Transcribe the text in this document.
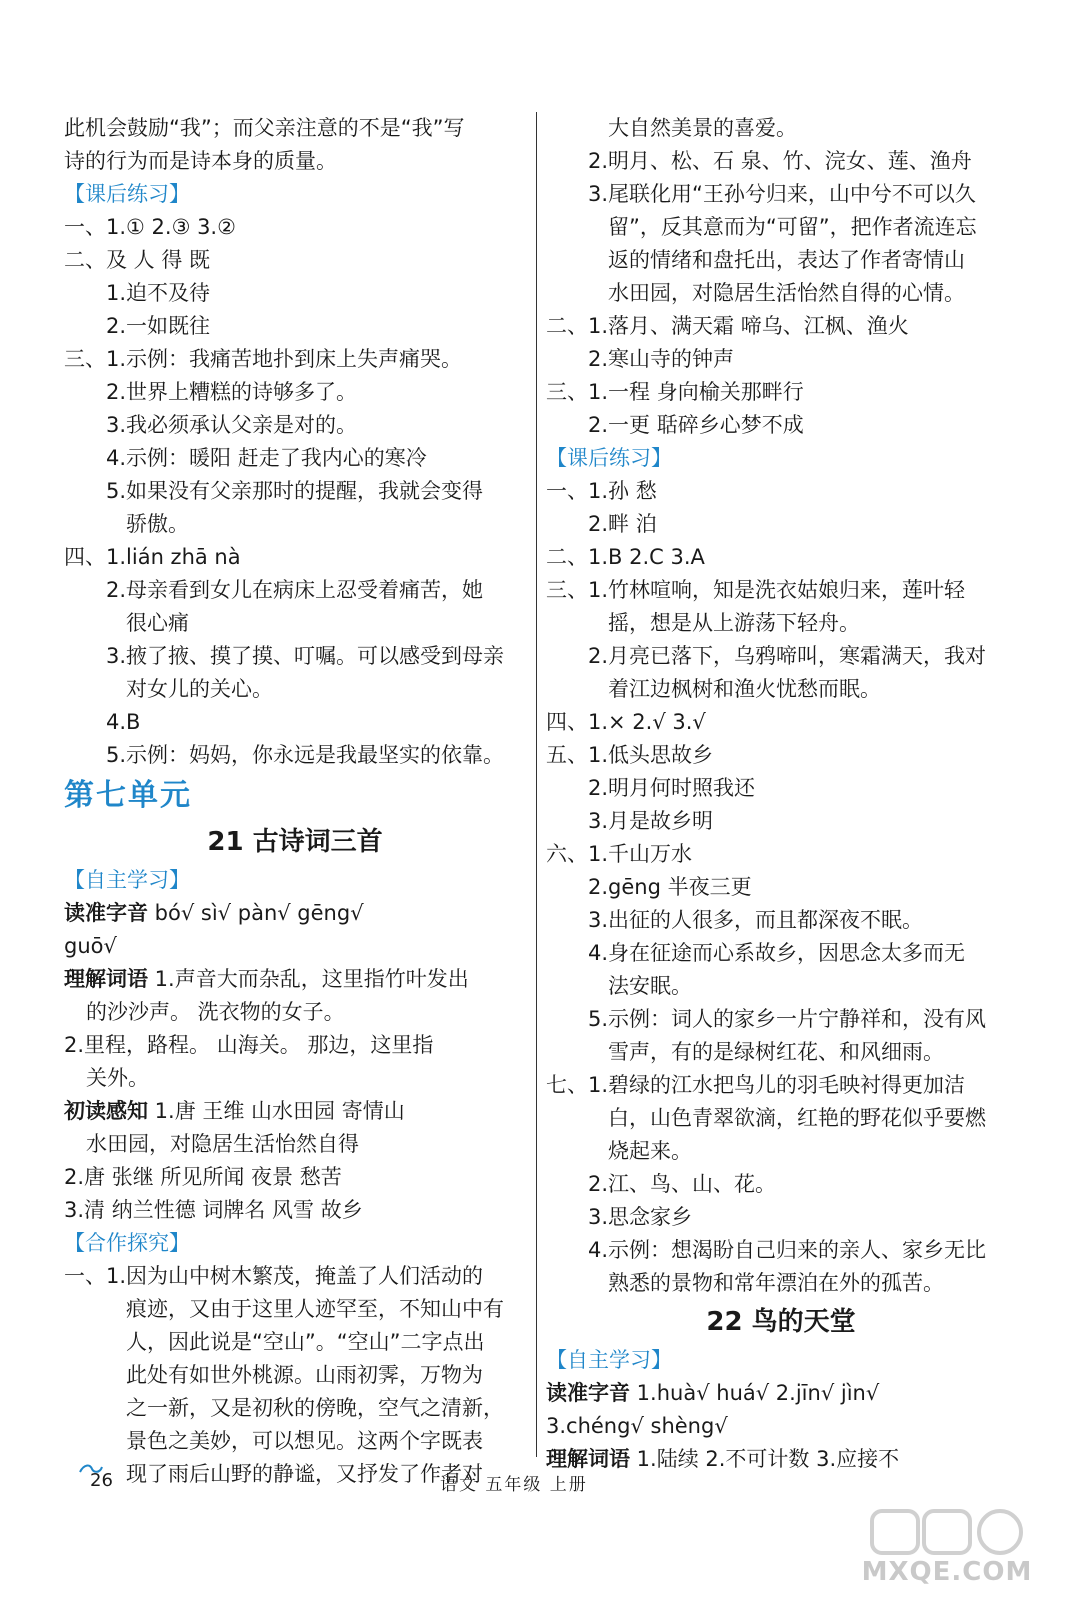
此机会鼓励“我”；而父亲注意的不是“我”写
诗的行为而是诗本身的质量。
【课后练习】
一、1.① 2.③ 3.②
二、及 人 得 既
1.迫不及待
2.一如既往
三、1.示例：我痛苦地扑到床上失声痛哭。
2.世界上糟糕的诗够多了。
3.我必须承认父亲是对的。
4.示例：暖阳 赶走了我内心的寒冷
5.如果没有父亲那时的提醒，我就会变得
骄傲。
四、1.lián zhā nà
2.母亲看到女儿在病床上忍受着痛苦，她
很心痛
3.掖了掖、摸了摸、叮嘱。可以感受到母亲
对女儿的关心。
4.B
5.示例：妈妈，你永远是我最坚实的依靠。
第七单元
21 古诗词三首
【自主学习】
读准字音 bó√ sì√ pàn√ gēng√
guō√
理解词语 1.声音大而杂乱，这里指竹叶发出
的沙沙声。 洗衣物的女子。
2.里程，路程。 山海关。 那边，这里指
关外。
初读感知 1.唐 王维 山水田园 寄情山
水田园，对隐居生活怡然自得
2.唐 张继 所见所闻 夜景 愁苦
3.清 纳兰性德 词牌名 风雪 故乡
【合作探究】
一、1.因为山中树木繁茂，掩盖了人们活动的
痕迹，又由于这里人迹罕至，不知山中有
人，因此说是“空山”。“空山”二字点出
此处有如世外桃源。山雨初霁，万物为
之一新，又是初秋的傍晚，空气之清新，
景色之美妙，可以想见。这两个字既表
现了雨后山野的静谧，又抒发了作者对
大自然美景的喜爱。
2.明月、松、石 泉、竹、浣女、莲、渔舟
3.尾联化用“王孙兮归来，山中兮不可以久
留”，反其意而为“可留”，把作者流连忘
返的情绪和盘托出，表达了作者寄情山
水田园，对隐居生活怡然自得的心情。
二、1.落月、满天霜 啼乌、江枫、渔火
2.寒山寺的钟声
三、1.一程 身向榆关那畔行
2.一更 聒碎乡心梦不成
【课后练习】
一、1.孙 愁
2.畔 泊
二、1.B 2.C 3.A
三、1.竹林喧响，知是洗衣姑娘归来，莲叶轻
摇，想是从上游荡下轻舟。
2.月亮已落下，乌鸦啼叫，寒霜满天，我对
着江边枫树和渔火忧愁而眠。
四、1.× 2.√ 3.√
五、1.低头思故乡
2.明月何时照我还
3.月是故乡明
六、1.千山万水
2.gēng 半夜三更
3.出征的人很多，而且都深夜不眠。
4.身在征途而心系故乡，因思念太多而无
法安眠。
5.示例：词人的家乡一片宁静祥和，没有风
雪声，有的是绿树红花、和风细雨。
七、1.碧绿的江水把鸟儿的羽毛映衬得更加洁
白，山色青翠欲滴，红艳的野花似乎要燃
烧起来。
2.江、鸟、山、花。
3.思念家乡
4.示例：想渴盼自己归来的亲人、家乡无比
熟悉的景物和常年漂泊在外的孤苦。
22 鸟的天堂
【自主学习】
读准字音 1.huà√ huá√ 2.jīn√ jìn√
3.chéng√ shèng√
理解词语 1.陆续 2.不可计数 3.应接不
26	语文 五年级 上册
MXQE.COM
